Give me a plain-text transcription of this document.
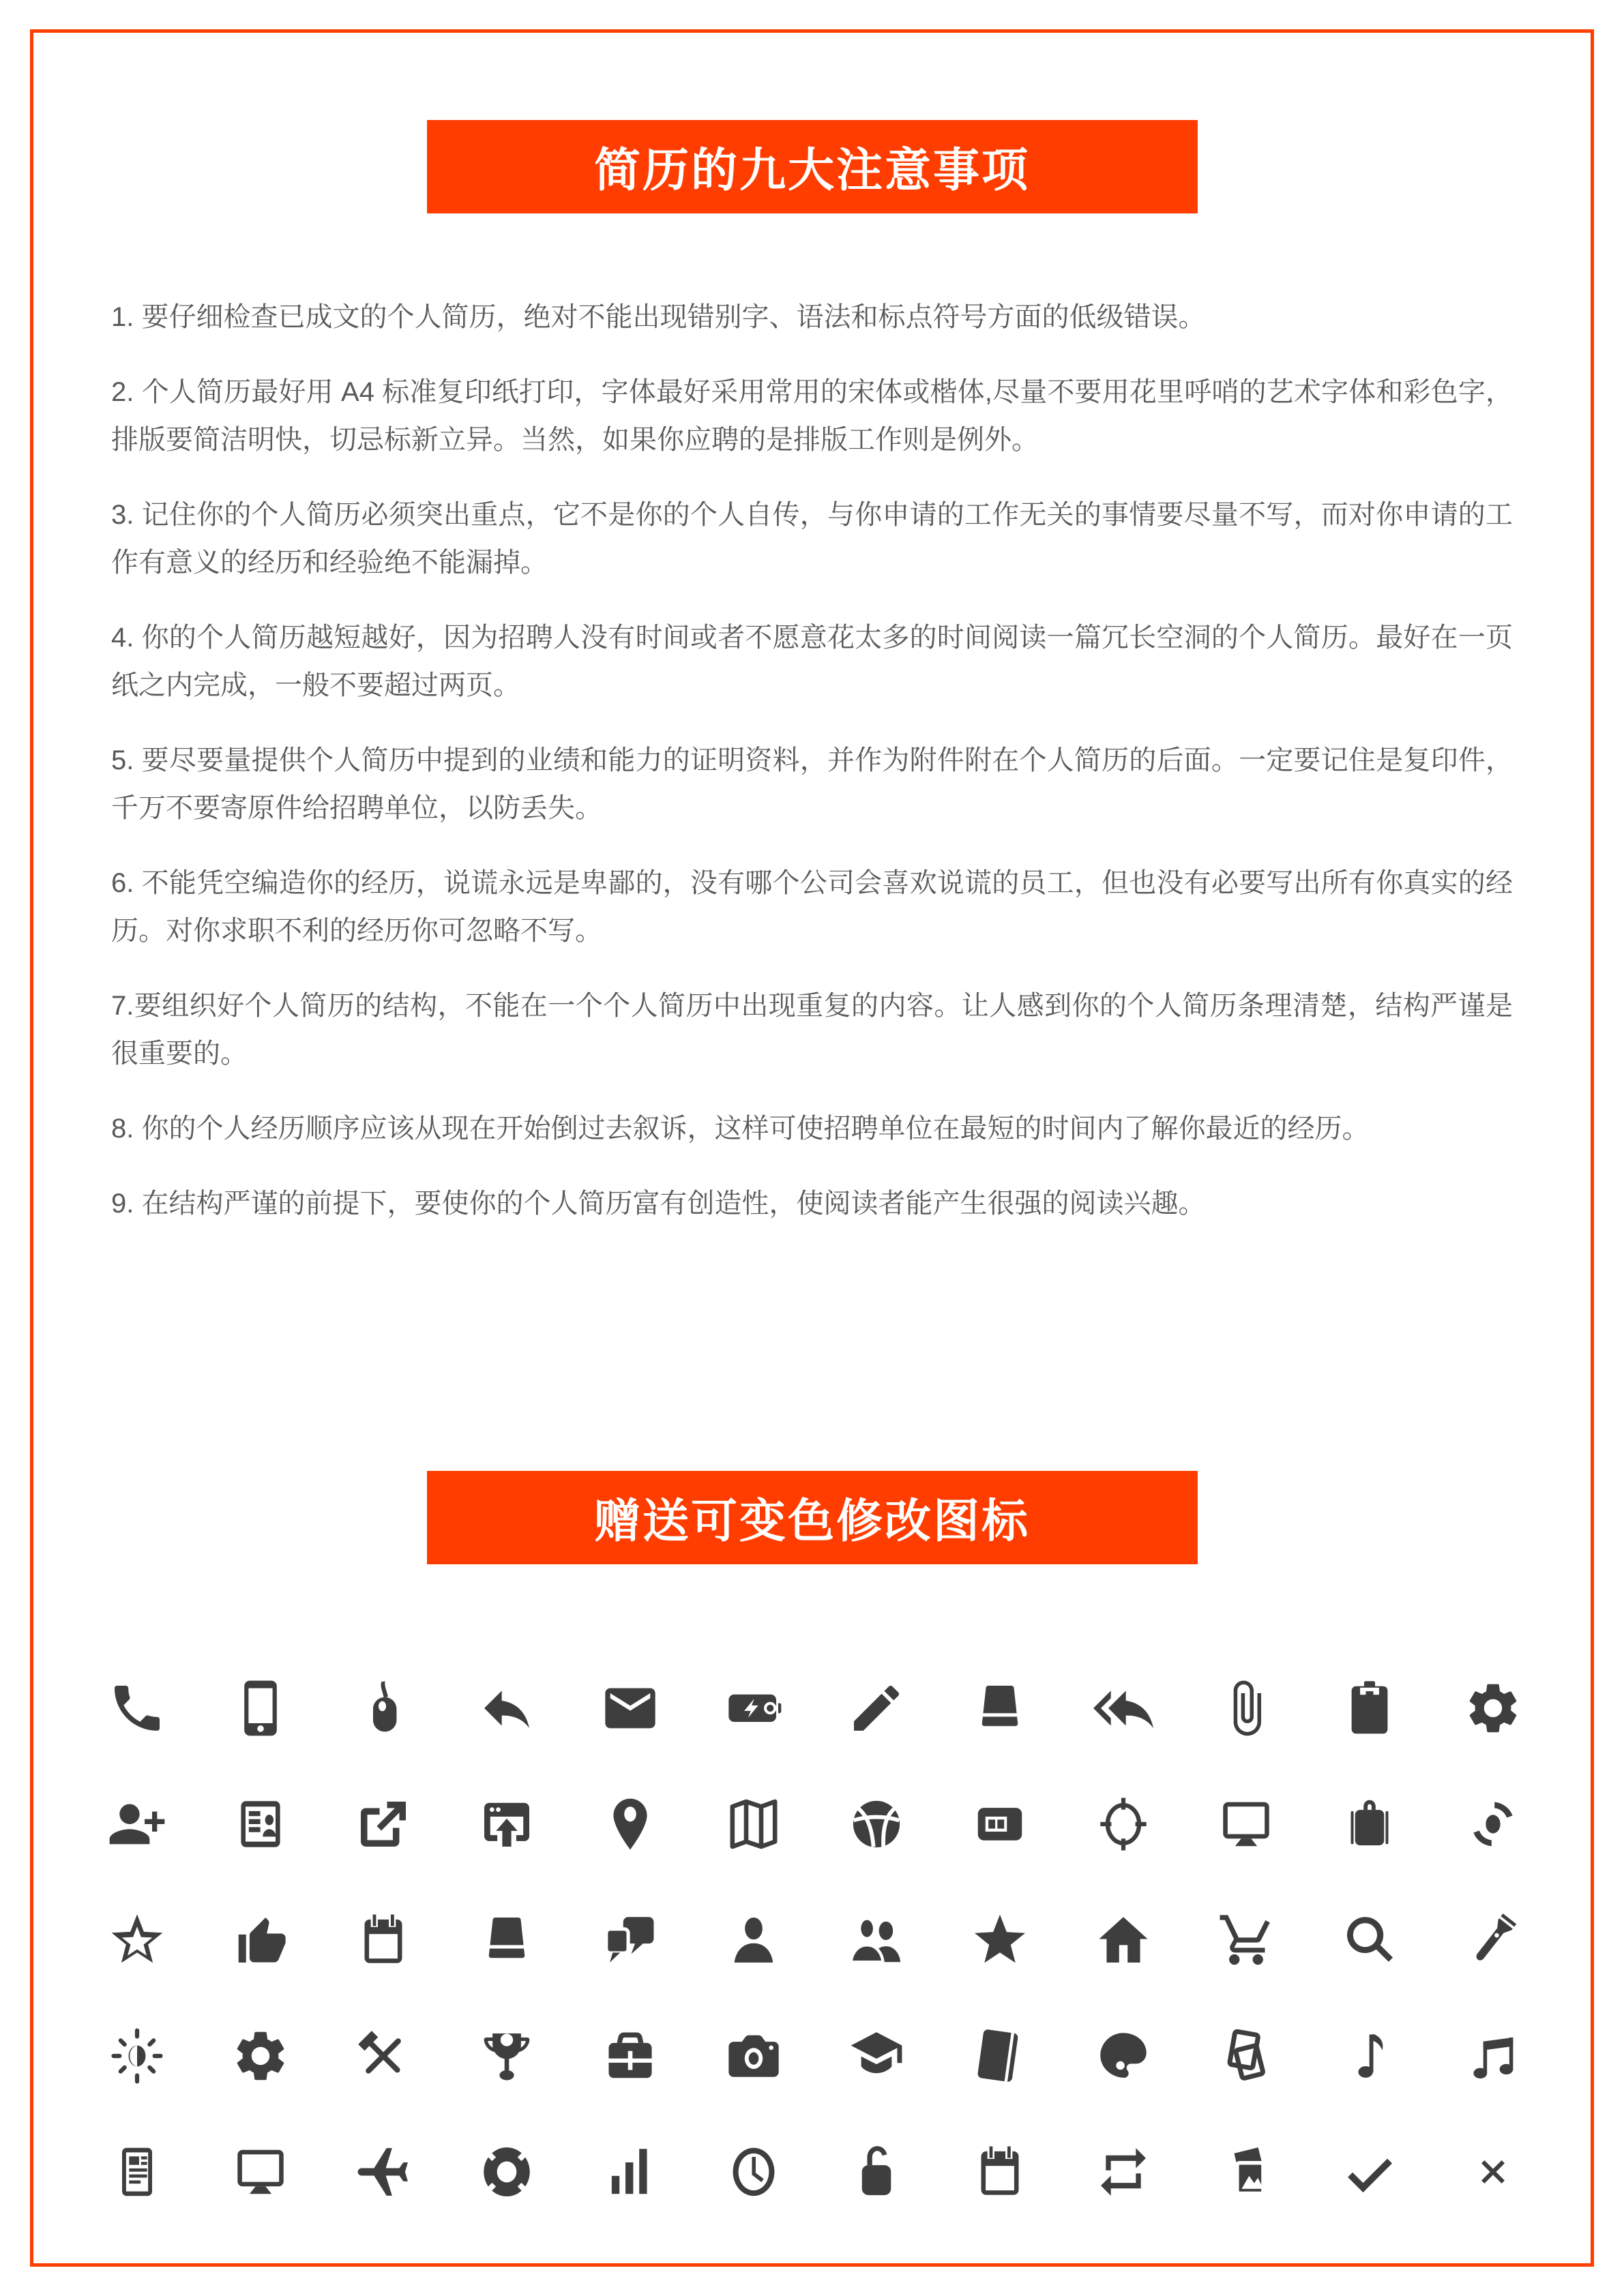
简历的九大注意事项

1. 要仔细检查已成文的个人简历，绝对不能出现错别字、语法和标点符号方面的低级错误。

2. 个人简历最好用 A4 标准复印纸打印，字体最好采用常用的宋体或楷体,尽量不要用花里呼哨的艺术字体和彩色字，排版要简洁明快，切忌标新立异。当然，如果你应聘的是排版工作则是例外。

3. 记住你的个人简历必须突出重点，它不是你的个人自传，与你申请的工作无关的事情要尽量不写，而对你申请的工作有意义的经历和经验绝不能漏掉。

4. 你的个人简历越短越好，因为招聘人没有时间或者不愿意花太多的时间阅读一篇冗长空洞的个人简历。最好在一页纸之内完成，一般不要超过两页。

5. 要尽要量提供个人简历中提到的业绩和能力的证明资料，并作为附件附在个人简历的后面。一定要记住是复印件，千万不要寄原件给招聘单位，以防丢失。

6. 不能凭空编造你的经历，说谎永远是卑鄙的，没有哪个公司会喜欢说谎的员工，但也没有必要写出所有你真实的经历。对你求职不利的经历你可忽略不写。

7.要组织好个人简历的结构，不能在一个个人简历中出现重复的内容。让人感到你的个人简历条理清楚，结构严谨是很重要的。

8. 你的个人经历顺序应该从现在开始倒过去叙诉，这样可使招聘单位在最短的时间内了解你最近的经历。

9. 在结构严谨的前提下，要使你的个人简历富有创造性，使阅读者能产生很强的阅读兴趣。

赠送可变色修改图标
